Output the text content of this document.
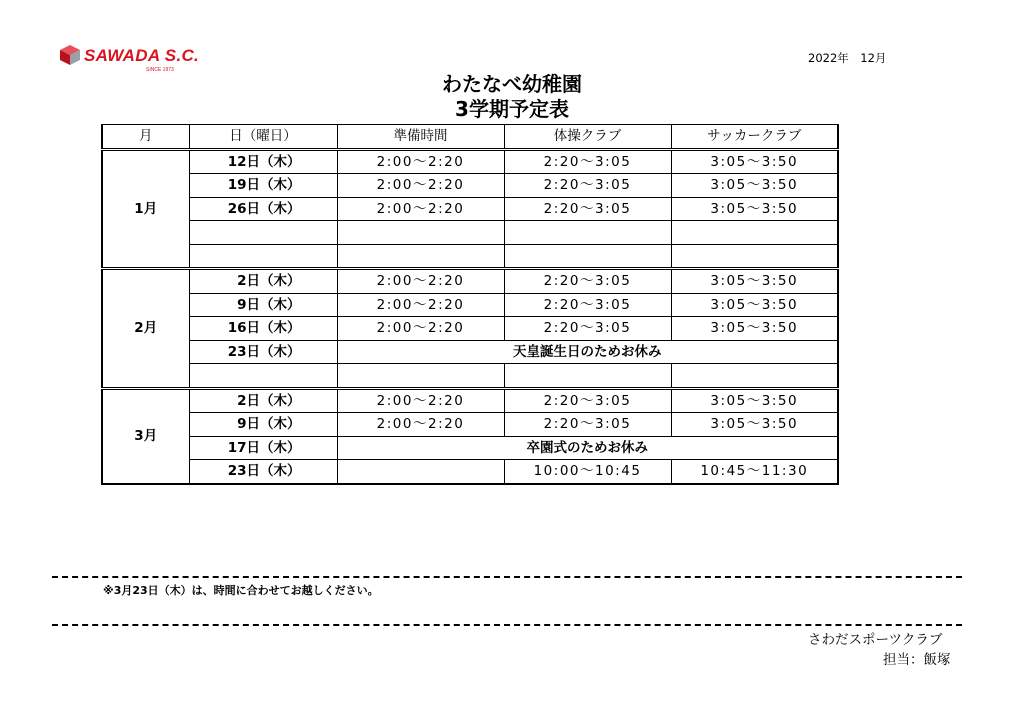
SAWADA S.C.
SINCE 1973
2022年　12月
わたなべ幼稚園
3学期予定表
月	日（曜日）	準備時間	体操クラブ	サッカークラブ
1月	12日（木）	2:00〜2:20	2:20〜3:05	3:05〜3:50
	19日（木）	2:00〜2:20	2:20〜3:05	3:05〜3:50
	26日（木）	2:00〜2:20	2:20〜3:05	3:05〜3:50

2月	2日（木）	2:00〜2:20	2:20〜3:05	3:05〜3:50
	9日（木）	2:00〜2:20	2:20〜3:05	3:05〜3:50
	16日（木）	2:00〜2:20	2:20〜3:05	3:05〜3:50
	23日（木）	天皇誕生日のためお休み		

3月	2日（木）	2:00〜2:20	2:20〜3:05	3:05〜3:50
	9日（木）	2:00〜2:20	2:20〜3:05	3:05〜3:50
	17日（木）	卒園式のためお休み		
	23日（木）		10:00〜10:45	10:45〜11:30
※3月23日（木）は、時間に合わせてお越しください。
さわだスポーツクラブ
担当：飯塚
